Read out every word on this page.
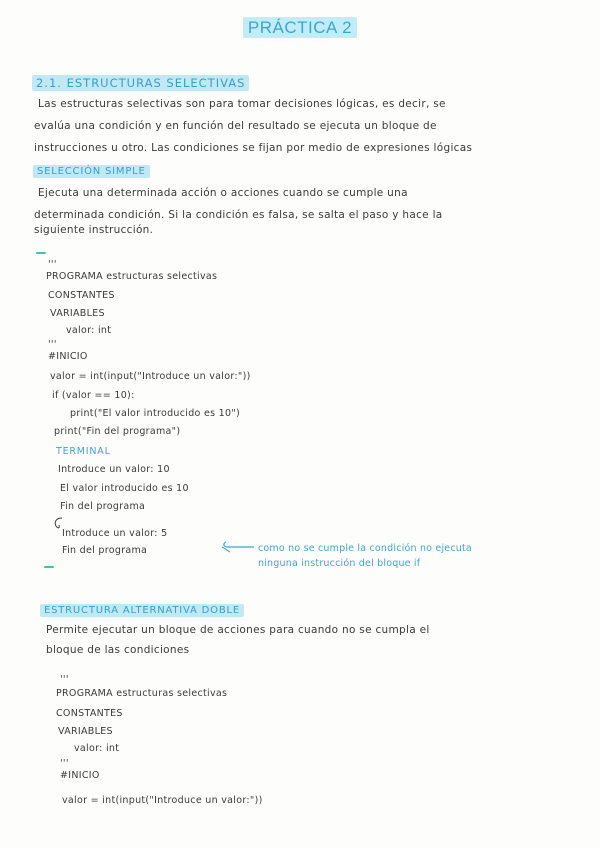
PRÁCTICA 2
2.1. ESTRUCTURAS SELECTIVAS
Las estructuras selectivas son para tomar decisiones lógicas, es decir, se
evalúa una condición y en función del resultado se ejecuta un bloque de
instrucciones u otro. Las condiciones se fijan por medio de expresiones lógicas
SELECCIÓN SIMPLE
Ejecuta una determinada acción o acciones cuando se cumple una
determinada condición. Si la condición es falsa, se salta el paso y hace la
siguiente instrucción.
'''
PROGRAMA estructuras selectivas
CONSTANTES
VARIABLES
valor: int
'''
#INICIO
valor = int(input("Introduce un valor:"))
if (valor == 10):
print("El valor introducido es 10")
print("Fin del programa")
TERMINAL
Introduce un valor: 10
El valor introducido es 10
Fin del programa
Introduce un valor: 5
Fin del programa	como no se cumple la condición no ejecuta
ninguna instrucción del bloque if
ESTRUCTURA ALTERNATIVA DOBLE
Permite ejecutar un bloque de acciones para cuando no se cumpla el
bloque de las condiciones
'''
PROGRAMA estructuras selectivas
CONSTANTES
VARIABLES
valor: int
'''
#INICIO
valor = int(input("Introduce un valor:"))
